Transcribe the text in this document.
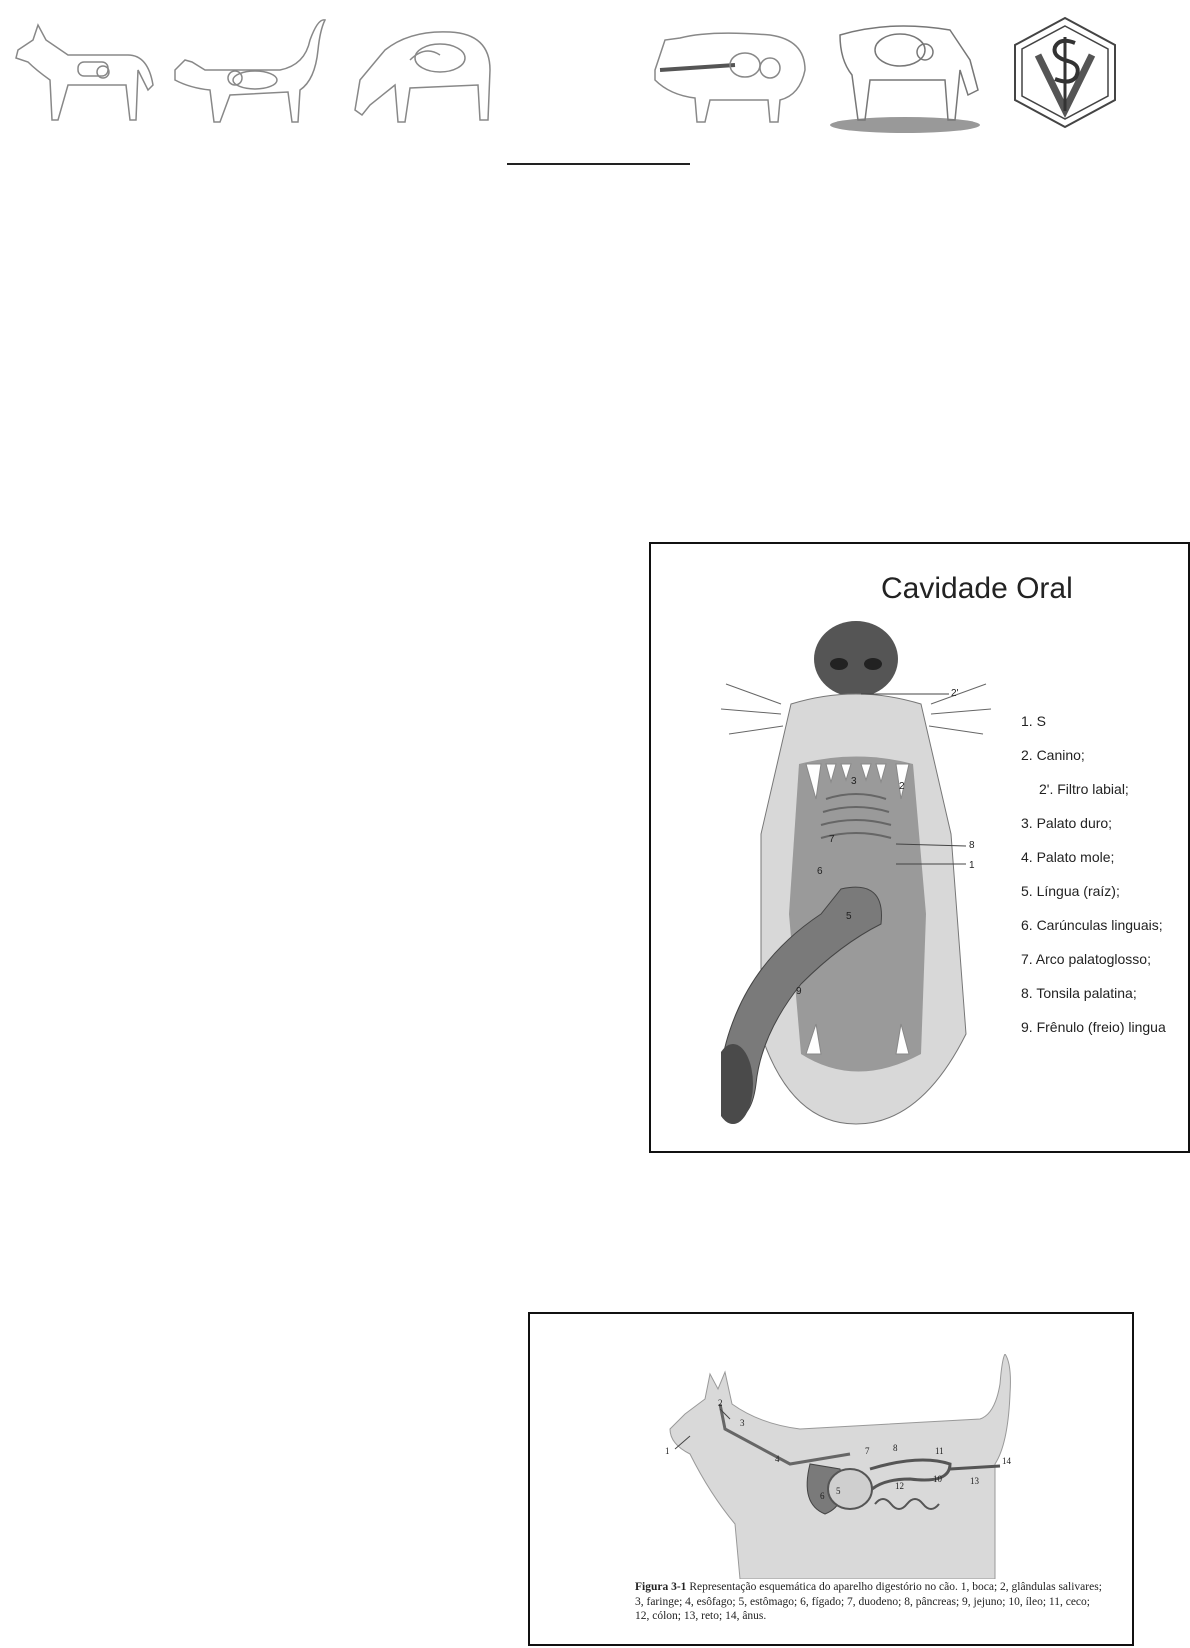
Cavidade Oral
2'
2
3
8
1
5
9
6
7
1. S
2. Canino;
2'. Filtro labial;
3. Palato duro;
4. Palato mole;
5. Língua (raíz);
6. Carúnculas linguais;
7. Arco palatoglosso;
8. Tonsila palatina;
9. Frênulo (freio) lingua
1
2
3
4
5
6
7	8	11
14
10
12	13
Figura 3-1 Representação esquemática do aparelho digestório no cão. 1, boca; 2, glândulas salivares; 3, faringe; 4, esôfago; 5, estômago; 6, fígado; 7, duodeno; 8, pâncreas; 9, jejuno; 10, íleo; 11, ceco; 12, cólon; 13, reto; 14, ânus.
